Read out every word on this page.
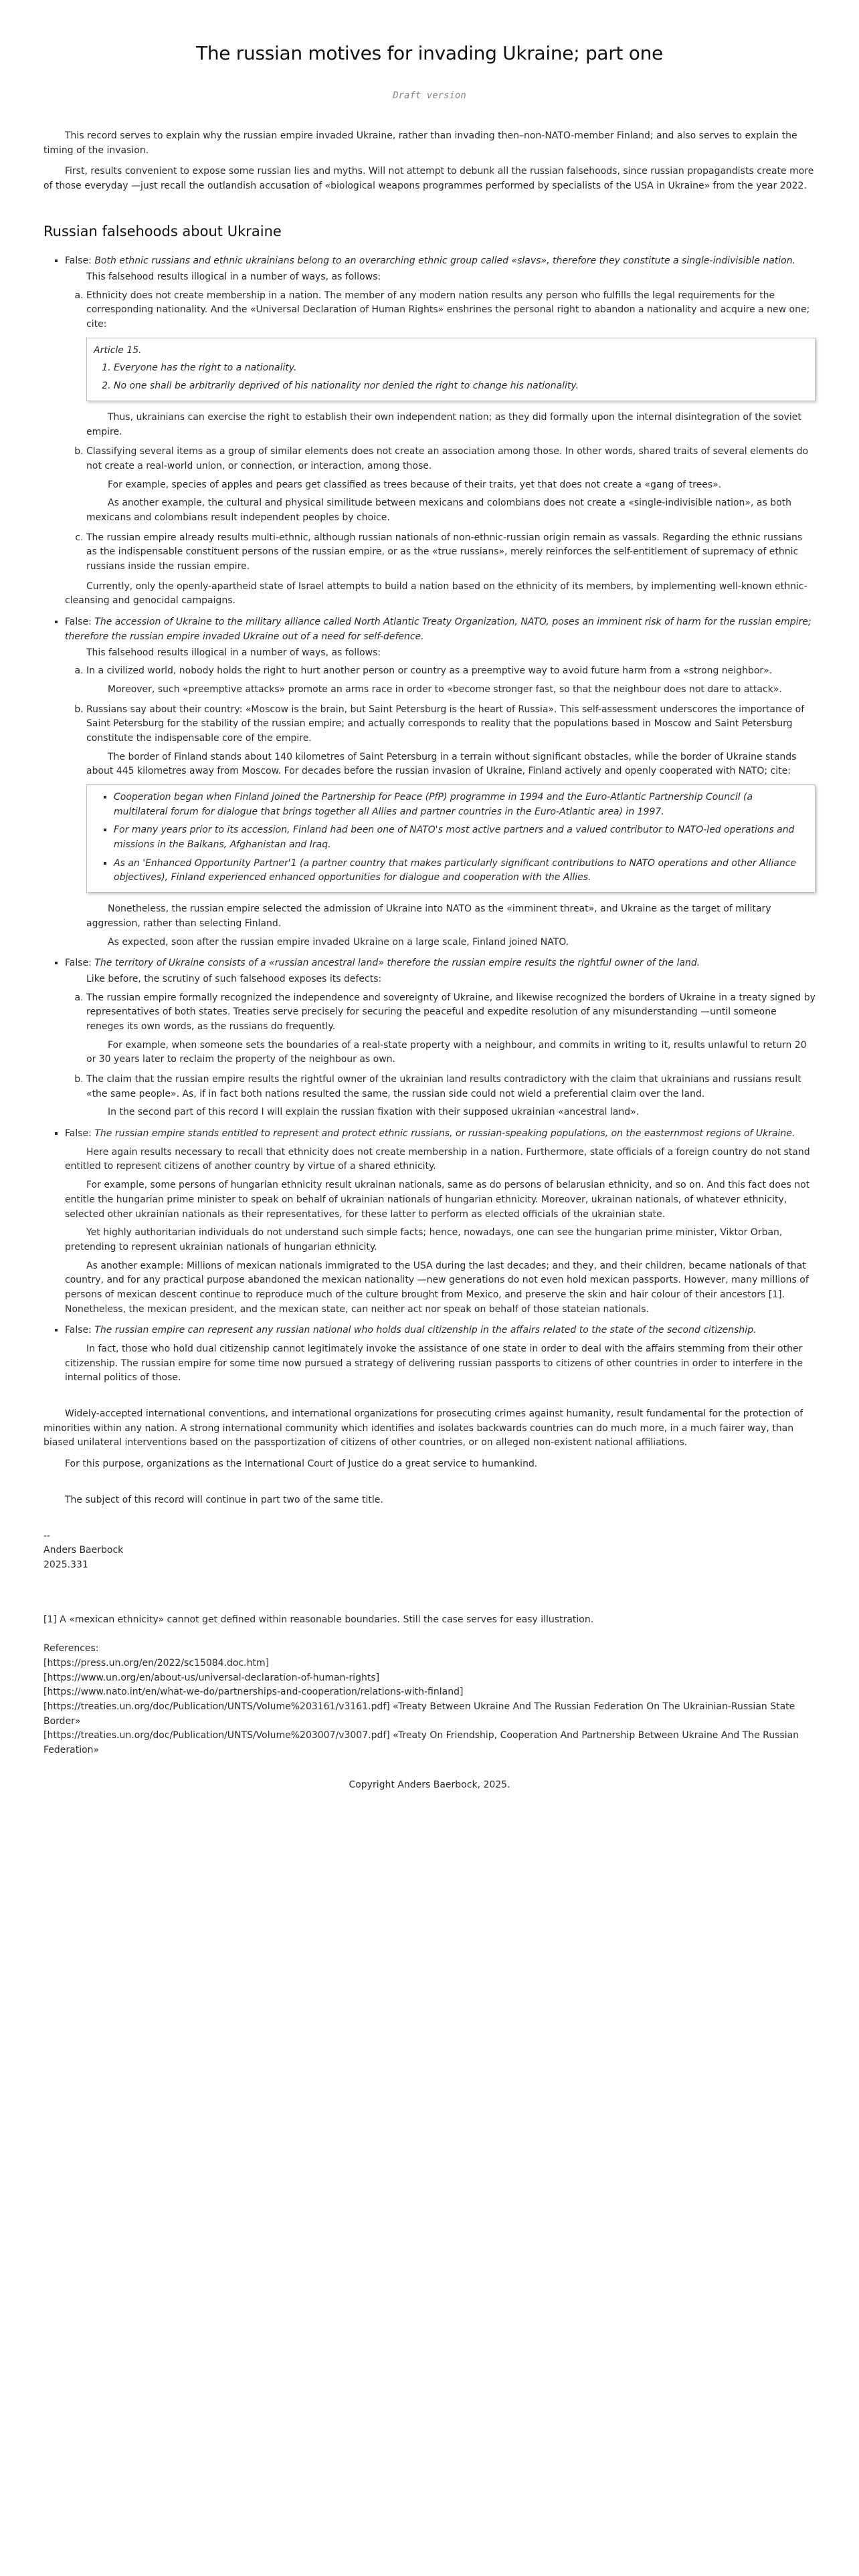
The russian motives for invading Ukraine; part one
Draft version

This record serves to explain why the russian empire invaded Ukraine, rather than invading then–non-NATO-member Finland; and also serves to explain the timing of the invasion.

First, results convenient to expose some russian lies and myths. Will not attempt to debunk all the russian falsehoods, since russian propagandists create more of those everyday —just recall the outlandish accusation of «biological weapons programmes performed by specialists of the USA in Ukraine» from the year 2022.

Russian falsehoods about Ukraine
▪ False: Both ethnic russians and ethnic ukrainians belong to an overarching ethnic group called «slavs», therefore they constitute a single-indivisible nation.

This falsehood results illogical in a number of ways, as follows:

a. Ethnicity does not create membership in a nation. The member of any modern nation results any person who fulfills the legal requirements for the corresponding nationality. And the «Universal Declaration of Human Rights» enshrines the personal right to abandon a nationality and acquire a new one; cite:

Article 15.

1. Everyone has the right to a nationality.
2. No one shall be arbitrarily deprived of his nationality nor denied the right to change his nationality.

Thus, ukrainians can exercise the right to establish their own independent nation; as they did formally upon the internal disintegration of the soviet empire.

b. Classifying several items as a group of similar elements does not create an association among those. In other words, shared traits of several elements do not create a real-world union, or connection, or interaction, among those.

For example, species of apples and pears get classified as trees because of their traits, yet that does not create a «gang of trees».

As another example, the cultural and physical similitude between mexicans and colombians does not create a «single-indivisible nation», as both mexicans and colombians result independent peoples by choice.

c. The russian empire already results multi-ethnic, although russian nationals of non-ethnic-russian origin remain as vassals. Regarding the ethnic russians as the indispensable constituent persons of the russian empire, or as the «true russians», merely reinforces the self-entitlement of supremacy of ethnic russians inside the russian empire.

Currently, only the openly-apartheid state of Israel attempts to build a nation based on the ethnicity of its members, by implementing well-known ethnic-cleansing and genocidal campaigns.

▪ False: The accession of Ukraine to the military alliance called North Atlantic Treaty Organization, NATO, poses an imminent risk of harm for the russian empire; therefore the russian empire invaded Ukraine out of a need for self-defence.

This falsehood results illogical in a number of ways, as follows:

a. In a civilized world, nobody holds the right to hurt another person or country as a preemptive way to avoid future harm from a «strong neighbor».

Moreover, such «preemptive attacks» promote an arms race in order to «become stronger fast, so that the neighbour does not dare to attack».

b. Russians say about their country: «Moscow is the brain, but Saint Petersburg is the heart of Russia». This self-assessment underscores the importance of Saint Petersburg for the stability of the russian empire; and actually corresponds to reality that the populations based in Moscow and Saint Petersburg constitute the indispensable core of the empire.

The border of Finland stands about 140 kilometres of Saint Petersburg in a terrain without significant obstacles, while the border of Ukraine stands about 445 kilometres away from Moscow. For decades before the russian invasion of Ukraine, Finland actively and openly cooperated with NATO; cite:

▪ Cooperation began when Finland joined the Partnership for Peace (PfP) programme in 1994 and the Euro-Atlantic Partnership Council (a multilateral forum for dialogue that brings together all Allies and partner countries in the Euro-Atlantic area) in 1997.
▪ For many years prior to its accession, Finland had been one of NATO's most active partners and a valued contributor to NATO-led operations and missions in the Balkans, Afghanistan and Iraq.
▪ As an 'Enhanced Opportunity Partner'1 (a partner country that makes particularly significant contributions to NATO operations and other Alliance objectives), Finland experienced enhanced opportunities for dialogue and cooperation with the Allies.

Nonetheless, the russian empire selected the admission of Ukraine into NATO as the «imminent threat», and Ukraine as the target of military aggression, rather than selecting Finland.

As expected, soon after the russian empire invaded Ukraine on a large scale, Finland joined NATO.

▪ False: The territory of Ukraine consists of a «russian ancestral land» therefore the russian empire results the rightful owner of the land.

Like before, the scrutiny of such falsehood exposes its defects:

a. The russian empire formally recognized the independence and sovereignty of Ukraine, and likewise recognized the borders of Ukraine in a treaty signed by representatives of both states. Treaties serve precisely for securing the peaceful and expedite resolution of any misunderstanding —until someone reneges its own words, as the russians do frequently.

For example, when someone sets the boundaries of a real-state property with a neighbour, and commits in writing to it, results unlawful to return 20 or 30 years later to reclaim the property of the neighbour as own.

b. The claim that the russian empire results the rightful owner of the ukrainian land results contradictory with the claim that ukrainians and russians result «the same people». As, if in fact both nations resulted the same, the russian side could not wield a preferential claim over the land.

In the second part of this record I will explain the russian fixation with their supposed ukrainian «ancestral land».

▪ False: The russian empire stands entitled to represent and protect ethnic russians, or russian-speaking populations, on the easternmost regions of Ukraine.

Here again results necessary to recall that ethnicity does not create membership in a nation. Furthermore, state officials of a foreign country do not stand entitled to represent citizens of another country by virtue of a shared ethnicity.

For example, some persons of hungarian ethnicity result ukrainan nationals, same as do persons of belarusian ethnicity, and so on. And this fact does not entitle the hungarian prime minister to speak on behalf of ukrainian nationals of hungarian ethnicity. Moreover, ukrainan nationals, of whatever ethnicity, selected other ukrainian nationals as their representatives, for these latter to perform as elected officials of the ukrainian state.

Yet highly authoritarian individuals do not understand such simple facts; hence, nowadays, one can see the hungarian prime minister, Viktor Orban, pretending to represent ukrainian nationals of hungarian ethnicity.

As another example: Millions of mexican nationals immigrated to the USA during the last decades; and they, and their children, became nationals of that country, and for any practical purpose abandoned the mexican nationality —new generations do not even hold mexican passports. However, many millions of persons of mexican descent continue to reproduce much of the culture brought from Mexico, and preserve the skin and hair colour of their ancestors [1]. Nonetheless, the mexican president, and the mexican state, can neither act nor speak on behalf of those stateian nationals.

▪ False: The russian empire can represent any russian national who holds dual citizenship in the affairs related to the state of the second citizenship.

In fact, those who hold dual citizenship cannot legitimately invoke the assistance of one state in order to deal with the affairs stemming from their other citizenship. The russian empire for some time now pursued a strategy of delivering russian passports to citizens of other countries in order to interfere in the internal politics of those.

Widely-accepted international conventions, and international organizations for prosecuting crimes against humanity, result fundamental for the protection of minorities within any nation. A strong international community which identifies and isolates backwards countries can do much more, in a much fairer way, than biased unilateral interventions based on the passportization of citizens of other countries, or on alleged non-existent national affiliations.

For this purpose, organizations as the International Court of Justice do a great service to humankind.

The subject of this record will continue in part two of the same title.

--
Anders Baerbock
2025.331

[1] A «mexican ethnicity» cannot get defined within reasonable boundaries. Still the case serves for easy illustration.

References:

[https://press.un.org/en/2022/sc15084.doc.htm]

[https://www.un.org/en/about-us/universal-declaration-of-human-rights]

[https://www.nato.int/en/what-we-do/partnerships-and-cooperation/relations-with-finland]

[https://treaties.un.org/doc/Publication/UNTS/Volume%203161/v3161.pdf] «Treaty Between Ukraine And The Russian Federation On The Ukrainian-Russian State Border»

[https://treaties.un.org/doc/Publication/UNTS/Volume%203007/v3007.pdf] «Treaty On Friendship, Cooperation And Partnership Between Ukraine And The Russian Federation»

Copyright Anders Baerbock, 2025.
